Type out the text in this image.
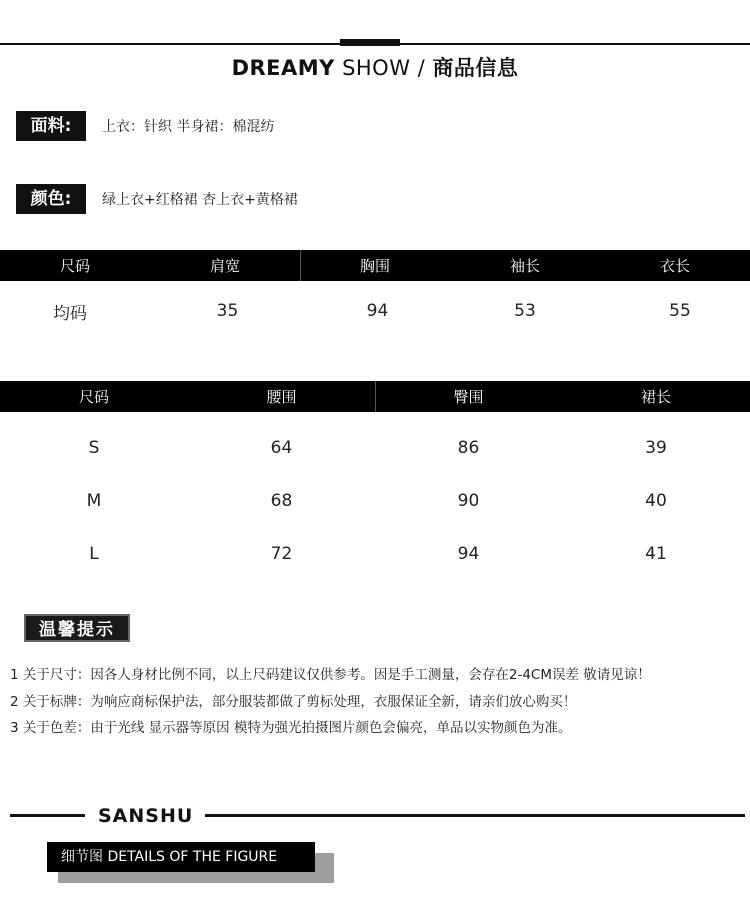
DREAMY SHOW / 商品信息
面料:	上衣：针织 半身裙：棉混纺
颜色:	绿上衣+红格裙 杏上衣+黄格裙
尺码	肩宽	胸围	袖长	衣长
均码	35	94	53	55
尺码	腰围	臀围	裙长
S	64	86	39
M	68	90	40
L	72	94	41
温馨提示
1 关于尺寸：因各人身材比例不同，以上尺码建议仅供参考。因是手工测量，会存在2-4CM误差 敬请见谅！
2 关于标牌：为响应商标保护法，部分服装都做了剪标处理，衣服保证全新，请亲们放心购买！
3 关于色差：由于光线 显示器等原因 模特为强光拍摄图片颜色会偏亮，单品以实物颜色为准。
SANSHU
细节图 DETAILS OF THE FIGURE
